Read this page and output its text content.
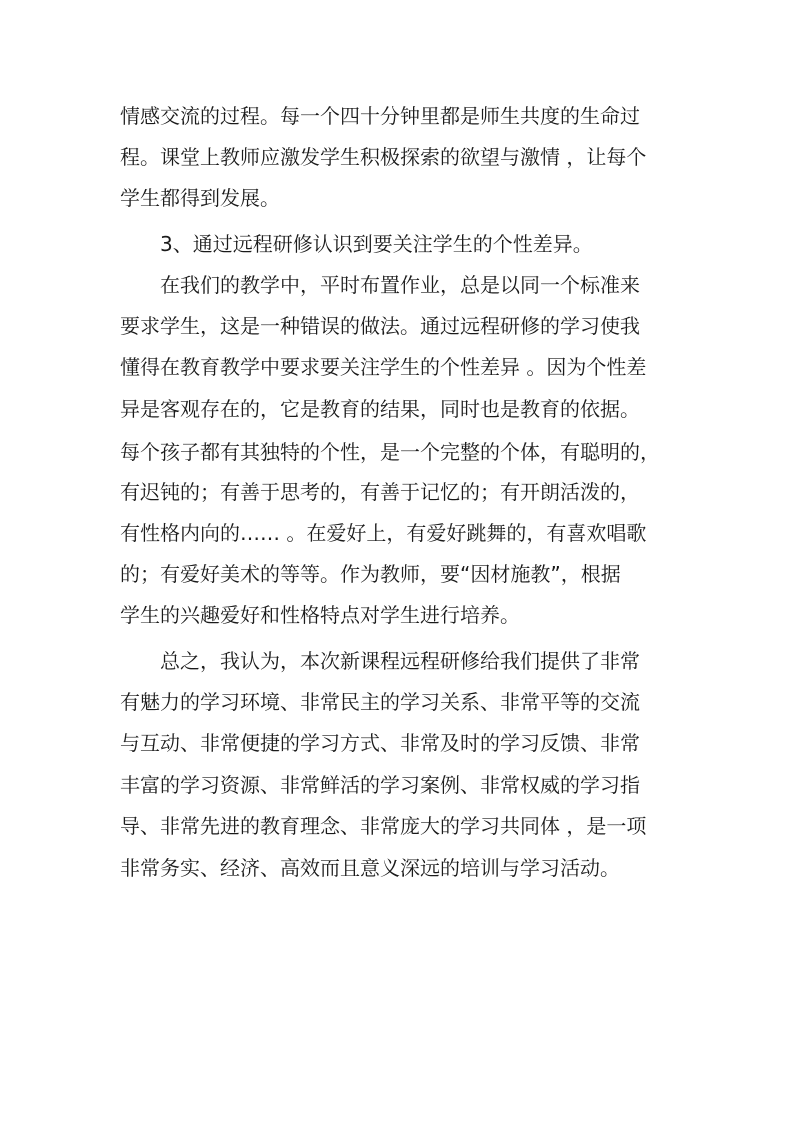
情感交流的过程。每一个四十分钟里都是师生共度的生命过
程。课堂上教师应激发学生积极探索的欲望与激情 ，让每个
学生都得到发展。
3、通过远程研修认识到要关注学生的个性差异。
在我们的教学中，平时布置作业，总是以同一个标准来
要求学生，这是一种错误的做法。通过远程研修的学习使我
懂得在教育教学中要求要关注学生的个性差异 。因为个性差
异是客观存在的，它是教育的结果，同时也是教育的依据。
每个孩子都有其独特的个性，是一个完整的个体，有聪明的，
有迟钝的；有善于思考的，有善于记忆的；有开朗活泼的，
有性格内向的…… 。在爱好上，有爱好跳舞的，有喜欢唱歌
的；有爱好美术的等等。作为教师，要“因材施教”，根据
学生的兴趣爱好和性格特点对学生进行培养。
总之，我认为，本次新课程远程研修给我们提供了非常
有魅力的学习环境、非常民主的学习关系、非常平等的交流
与互动、非常便捷的学习方式、非常及时的学习反馈、非常
丰富的学习资源、非常鲜活的学习案例、非常权威的学习指
导、非常先进的教育理念、非常庞大的学习共同体 ，是一项
非常务实、经济、高效而且意义深远的培训与学习活动。
